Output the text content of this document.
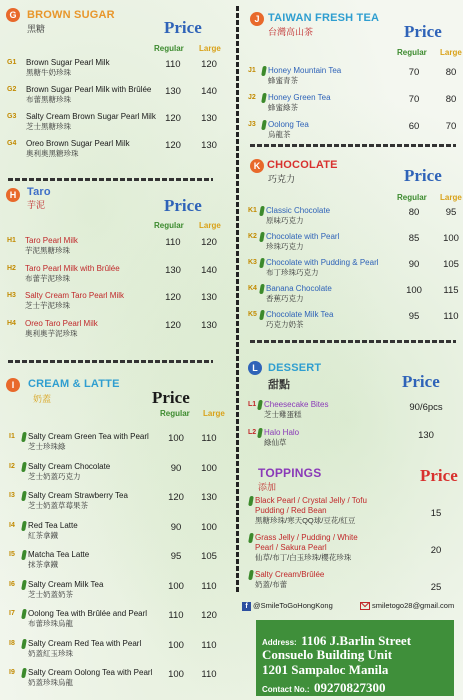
G BROWN SUGAR
黑糖	Price
Regular Large
G1 Brown Sugar Pearl Milk
黑糖牛奶珍珠
110	120
G2 Brown Sugar Pearl Milk with Brûlée
布蕾黑糖珍珠
130	140
G3 Salty Cream Brown Sugar Pearl Milk
芝士黑糖珍珠
120	130
G4 Oreo Brown Sugar Pearl Milk
奧利奧黑糖珍珠
120	130
H Taro
芋泥	Price
Regular Large
H1 Taro Pearl Milk
芋泥黑糖珍珠
110	120
H2 Taro Pearl Milk with Brûlée
布蕾芋泥珍珠
130	140
H3 Salty Cream Taro Pearl Milk
芝士芋泥珍珠
120	130
H4 Oreo Taro Pearl Milk
奧利奧芋泥珍珠
120	130
I	CREAM & LATTE
奶蓋	Price
Regular Large
I1 Salty Cream Green Tea with Pearl
芝士珍珠綠
100	110
I2 Salty Cream Chocolate
芝士奶蓋巧克力
90	100
I3 Salty Cream Strawberry Tea
芝士奶蓋草莓果茶
120	130
I4 Red Tea Latte
紅茶拿鐵
90	100
I5 Matcha Tea Latte
抹茶拿鐵
95	105
I6 Salty Cream Milk Tea
芝士奶蓋奶茶
100	110
I7 Oolong Tea with Brûlée and Pearl
布蕾珍珠烏龍
110	120
I8 Salty Cream Red Tea with Pearl
奶蓋紅玉珍珠
100	110
I9 Salty Cream Oolong Tea with Pearl
奶蓋珍珠烏龍
100	110
J TAIWAN FRESH TEA
台灣高山茶	Price
Regular Large
J1 Honey Mountain Tea
蜂蜜青茶
70	80
J2 Honey Green Tea
蜂蜜綠茶
70	80
J3 Oolong Tea
烏龍茶
60	70
K CHOCOLATE
巧克力	Price
Regular Large
K1 Classic Chocolate
原味巧克力
80	95
K2 Chocolate with Pearl
珍珠巧克力
85	100
K3 Chocolate with Pudding & Pearl
布丁珍珠巧克力
90	105
K4 Banana Chocolate
香蕉巧克力
100	115
K5 Chocolate Milk Tea
巧克力奶茶
95	110
L DESSERT
甜點	Price
L1 Cheesecake Bites
芝士雞蛋糕
90/6pcs
L2 Halo Halo
綠仙草
130
TOPPINGS
添加
Price
Black Pearl / Crystal Jelly / Tofu Pudding / Red Bean
黑糖珍珠/寒天QQ球/豆花/紅豆
15
Grass Jelly / Pudding / White Pearl / Sakura Pearl
仙草/布丁/白玉珍珠/櫻花珍珠
20
Salty Cream/Brûlée
奶蓋/布蕾	25
f @SmileToGoHongKong	smiletogo28@gmail.com
Address: 1106 J.Barlin Street
Consuelo Building Unit
1201 Sampaloc Manila
Contact No.: 09270827300
